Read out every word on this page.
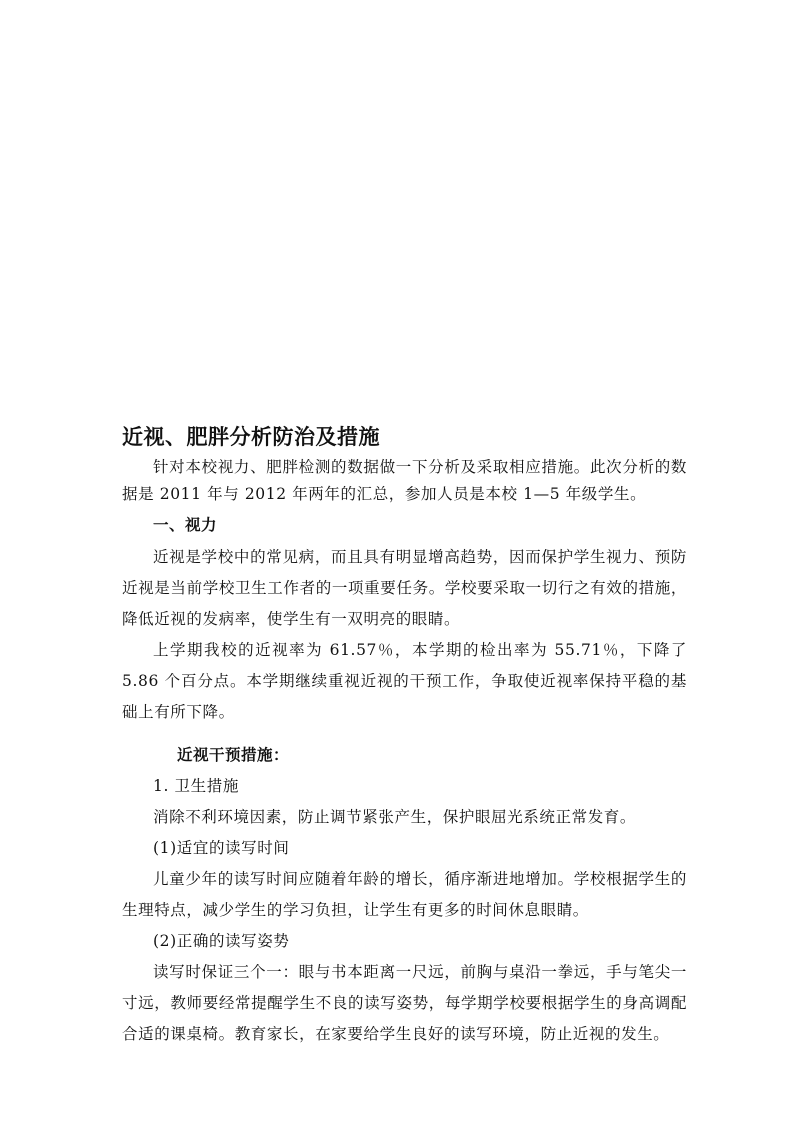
近视、肥胖分析防治及措施

针对本校视力、肥胖检测的数据做一下分析及采取相应措施。此次分析的数据是 2011 年与 2012 年两年的汇总，参加人员是本校 1—5 年级学生。

一、视力

近视是学校中的常见病，而且具有明显增高趋势，因而保护学生视力、预防近视是当前学校卫生工作者的一项重要任务。学校要采取一切行之有效的措施，降低近视的发病率，使学生有一双明亮的眼睛。

上学期我校的近视率为 61.57％，本学期的检出率为 55.71％，下降了 5.86 个百分点。本学期继续重视近视的干预工作，争取使近视率保持平稳的基础上有所下降。

近视干预措施：

1. 卫生措施

消除不利环境因素，防止调节紧张产生，保护眼屈光系统正常发育。

(1)适宜的读写时间

儿童少年的读写时间应随着年龄的增长，循序渐进地增加。学校根据学生的生理特点，减少学生的学习负担，让学生有更多的时间休息眼睛。

(2)正确的读写姿势

读写时保证三个一：眼与书本距离一尺远，前胸与桌沿一拳远，手与笔尖一寸远，教师要经常提醒学生不良的读写姿势，每学期学校要根据学生的身高调配合适的课桌椅。教育家长，在家要给学生良好的读写环境，防止近视的发生。
